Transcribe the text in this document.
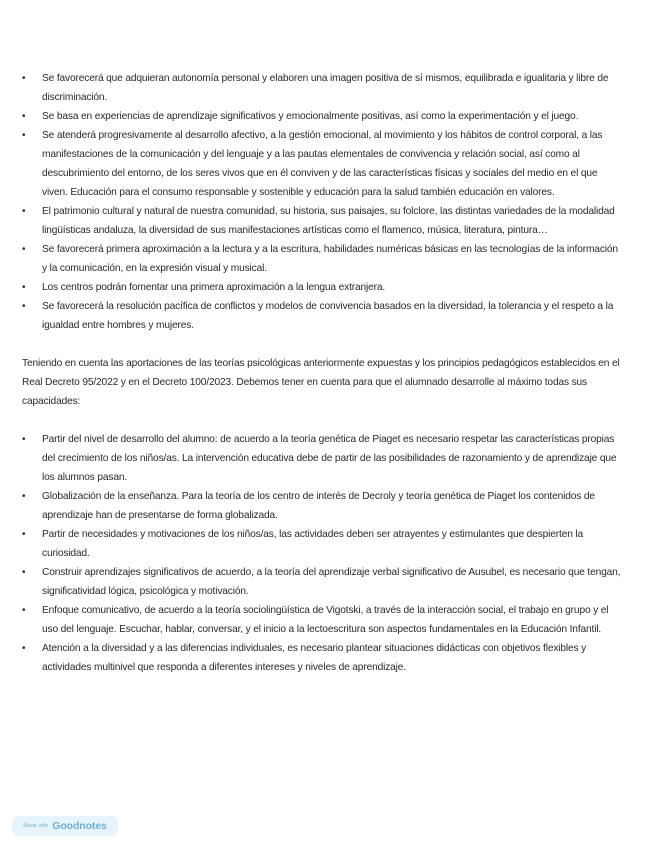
• Se favorecerá que adquieran autonomía personal y elaboren una imagen positiva de sí mismos, equilibrada e igualitaria y libre de discriminación.
• Se basa en experiencias de aprendizaje significativos y emocionalmente positivas, así como la experimentación y el juego.
• Se atenderá progresivamente al desarrollo afectivo, a la gestión emocional, al movimiento y los hábitos de control corporal, a las manifestaciones de la comunicación y del lenguaje y a las pautas elementales de convivencia y relación social, así como al descubrimiento del entorno, de los seres vivos que en él conviven y de las características físicas y sociales del medio en el que viven. Educación para el consumo responsable y sostenible y educación para la salud también educación en valores.
• El patrimonio cultural y natural de nuestra comunidad, su historia, sus paisajes, su folclore, las distintas variedades de la modalidad lingüísticas andaluza, la diversidad de sus manifestaciones artísticas como el flamenco, música, literatura, pintura…
• Se favorecerá primera aproximación a la lectura y a la escritura, habilidades numéricas básicas en las tecnologías de la información y la comunicación, en la expresión visual y musical.
• Los centros podrán fomentar una primera aproximación a la lengua extranjera.
• Se favorecerá la resolución pacífica de conflictos y modelos de convivencia basados en la diversidad, la tolerancia y el respeto a la igualdad entre hombres y mujeres.

Teniendo en cuenta las aportaciones de las teorías psicológicas anteriormente expuestas y los principios pedagógicos establecidos en el Real Decreto 95/2022 y en el Decreto 100/2023. Debemos tener en cuenta para que el alumnado desarrolle al máximo todas sus capacidades:

• Partir del nivel de desarrollo del alumno: de acuerdo a la teoría genética de Piaget es necesario respetar las características propias del crecimiento de los niños/as. La intervención educativa debe de partir de las posibilidades de razonamiento y de aprendizaje que los alumnos pasan.
• Globalización de la enseñanza. Para la teoría de los centro de interés de Decroly y teoría genética de Piaget los contenidos de aprendizaje han de presentarse de forma globalizada.
• Partir de necesidades y motivaciones de los niños/as, las actividades deben ser atrayentes y estimulantes que despierten la curiosidad.
• Construir aprendizajes significativos de acuerdo, a la teoría del aprendizaje verbal significativo de Ausubel, es necesario que tengan, significatividad lógica, psicológica y motivación.
• Enfoque comunicativo, de acuerdo a la teoría sociolingüística de Vigotski, a través de la interacción social, el trabajo en grupo y el uso del lenguaje. Escuchar, hablar, conversar, y el inicio a la lectoescritura son aspectos fundamentales en la Educación Infantil.
• Atención a la diversidad y a las diferencias individuales, es necesario plantear situaciones didácticas con objetivos flexibles y actividades multinivel que responda a diferentes intereses y niveles de aprendizaje.
Made with Goodnotes
